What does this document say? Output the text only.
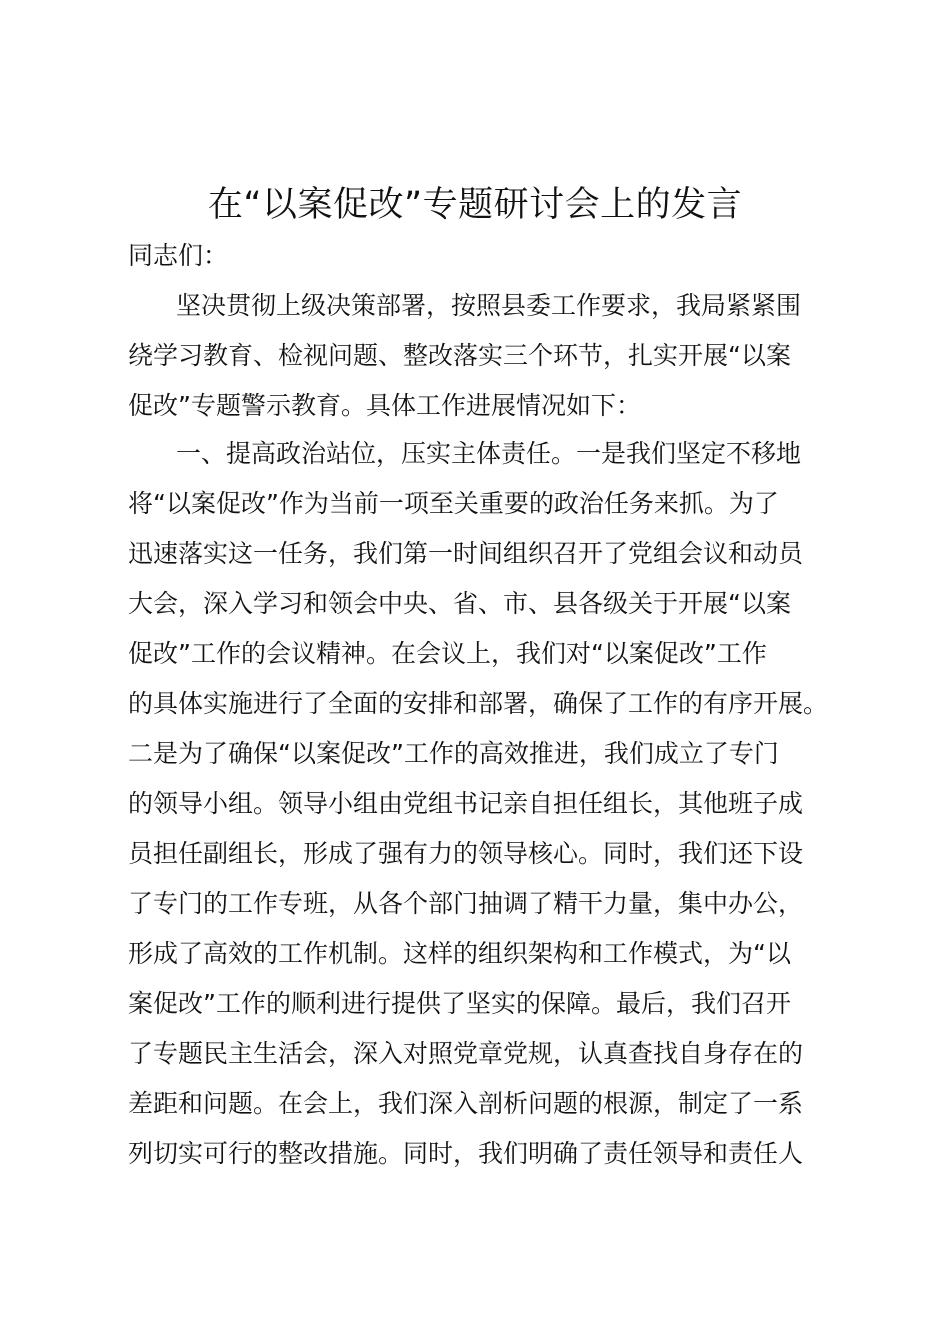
在“以案促改”专题研讨会上的发言

同志们：

坚决贯彻上级决策部署，按照县委工作要求，我局紧紧围

绕学习教育、检视问题、整改落实三个环节，扎实开展“以案

促改”专题警示教育。具体工作进展情况如下：

一、提高政治站位，压实主体责任。一是我们坚定不移地

将“以案促改”作为当前一项至关重要的政治任务来抓。为了

迅速落实这一任务，我们第一时间组织召开了党组会议和动员

大会，深入学习和领会中央、省、市、县各级关于开展“以案

促改”工作的会议精神。在会议上，我们对“以案促改”工作

的具体实施进行了全面的安排和部署，确保了工作的有序开展。

二是为了确保“以案促改”工作的高效推进，我们成立了专门

的领导小组。领导小组由党组书记亲自担任组长，其他班子成

员担任副组长，形成了强有力的领导核心。同时，我们还下设

了专门的工作专班，从各个部门抽调了精干力量，集中办公，

形成了高效的工作机制。这样的组织架构和工作模式，为“以

案促改”工作的顺利进行提供了坚实的保障。最后，我们召开

了专题民主生活会，深入对照党章党规，认真查找自身存在的

差距和问题。在会上，我们深入剖析问题的根源，制定了一系

列切实可行的整改措施。同时，我们明确了责任领导和责任人
